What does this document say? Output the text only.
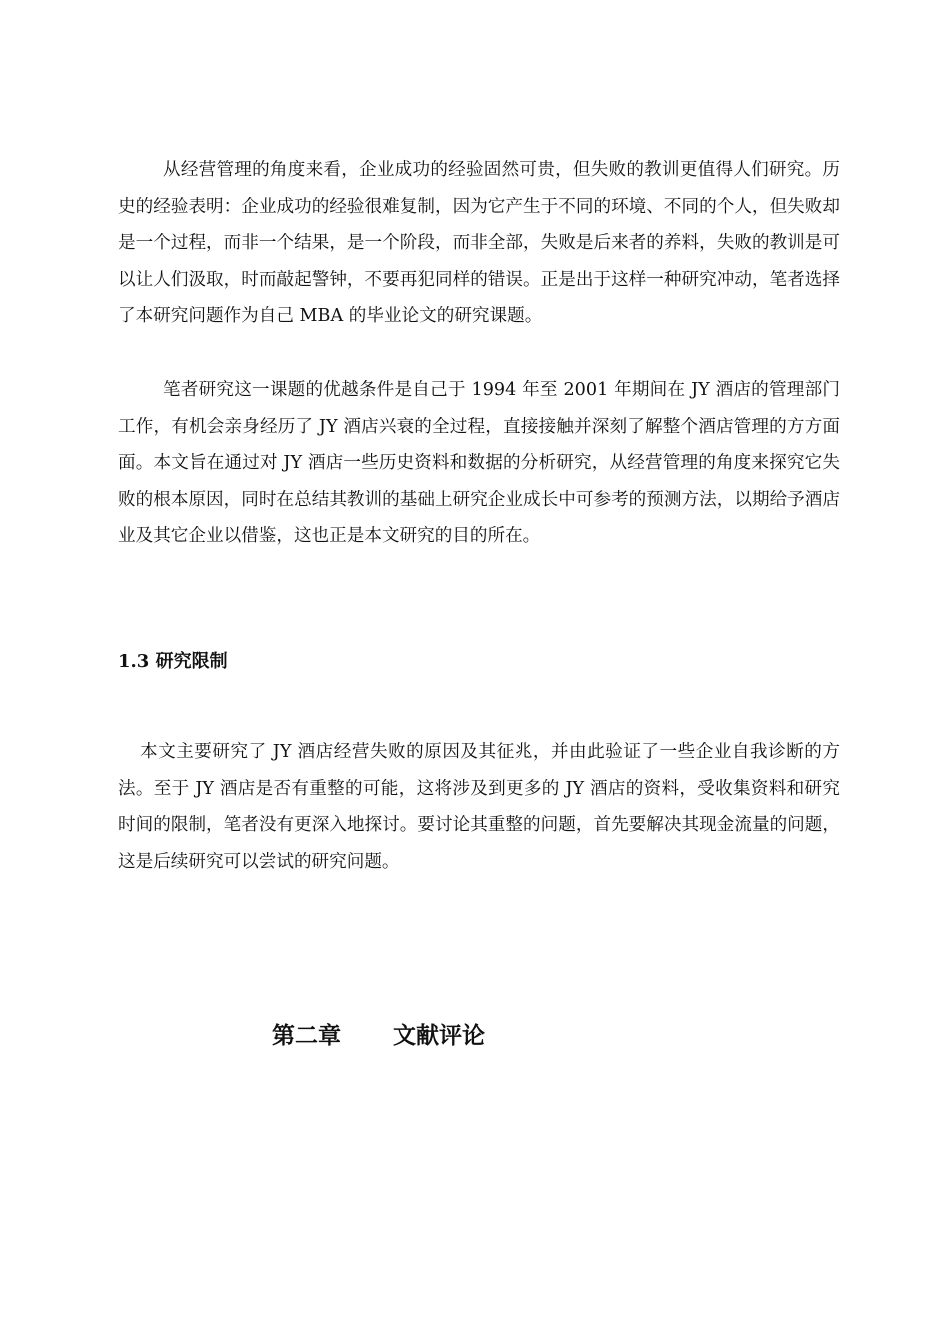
从经营管理的角度来看，企业成功的经验固然可贵，但失败的教训更值得人们研究。历史的经验表明：企业成功的经验很难复制，因为它产生于不同的环境、不同的个人，但失败却是一个过程，而非一个结果，是一个阶段，而非全部，失败是后来者的养料，失败的教训是可以让人们汲取，时而敲起警钟，不要再犯同样的错误。正是出于这样一种研究冲动，笔者选择了本研究问题作为自己 MBA 的毕业论文的研究课题。

笔者研究这一课题的优越条件是自己于 1994 年至 2001 年期间在 JY 酒店的管理部门工作，有机会亲身经历了 JY 酒店兴衰的全过程，直接接触并深刻了解整个酒店管理的方方面面。本文旨在通过对 JY 酒店一些历史资料和数据的分析研究，从经营管理的角度来探究它失败的根本原因，同时在总结其教训的基础上研究企业成长中可参考的预测方法，以期给予酒店业及其它企业以借鉴，这也正是本文研究的目的所在。

1.3 研究限制

本文主要研究了 JY 酒店经营失败的原因及其征兆，并由此验证了一些企业自我诊断的方法。至于 JY 酒店是否有重整的可能，这将涉及到更多的 JY 酒店的资料，受收集资料和研究时间的限制，笔者没有更深入地探讨。要讨论其重整的问题，首先要解决其现金流量的问题，这是后续研究可以尝试的研究问题。

第二章 文献评论
